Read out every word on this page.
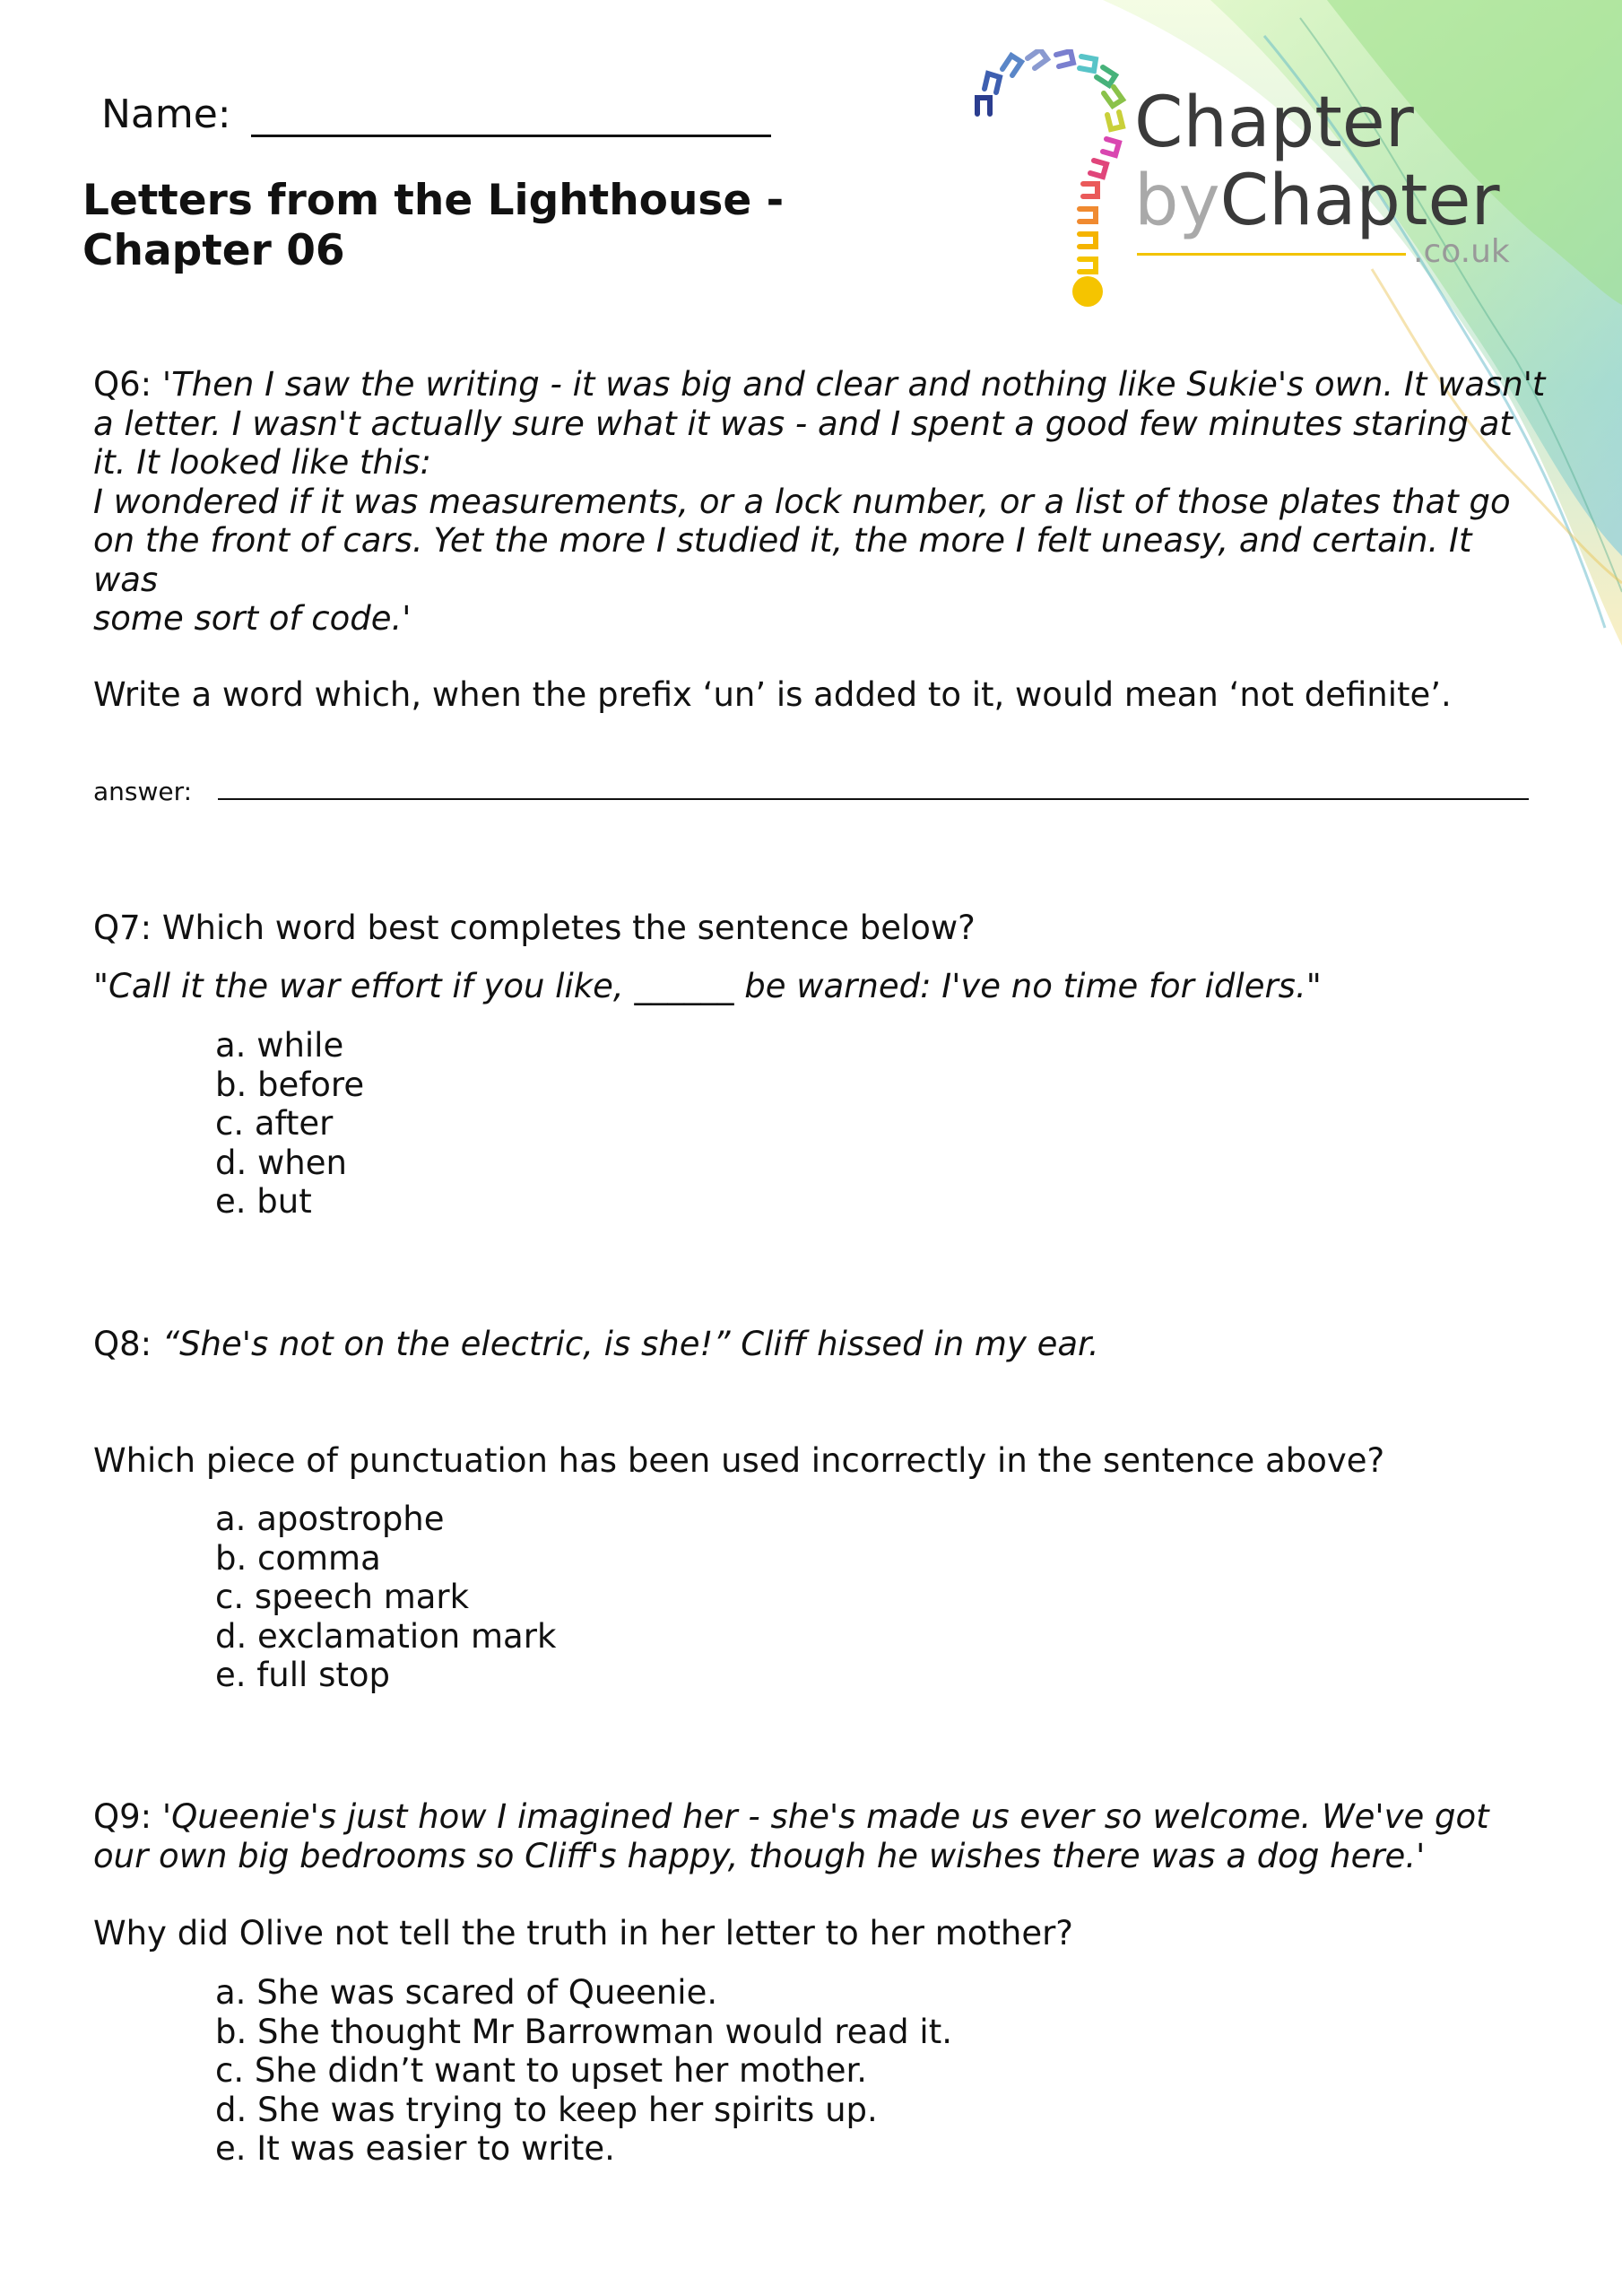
Name:
Letters from the Lighthouse -
Chapter 06
Chapter
byChapter
.co.uk
Q6: 'Then I saw the writing - it was big and clear and nothing like Sukie's own. It wasn't
a letter. I wasn't actually sure what it was - and I spent a good few minutes staring at
it. It looked like this:
I wondered if it was measurements, or a lock number, or a list of those plates that go
on the front of cars. Yet the more I studied it, the more I felt uneasy, and certain. It was
some sort of code.'
Write a word which, when the prefix ‘un’ is added to it, would mean ‘not definite’.
answer:
Q7: Which word best completes the sentence below?
"Call it the war effort if you like, ______ be warned: I've no time for idlers."
a. while
b. before
c. after
d. when
e. but
Q8: “She's not on the electric, is she!” Cliff hissed in my ear.
Which piece of punctuation has been used incorrectly in the sentence above?
a. apostrophe
b. comma
c. speech mark
d. exclamation mark
e. full stop
Q9: 'Queenie's just how I imagined her - she's made us ever so welcome. We've got
our own big bedrooms so Cliff's happy, though he wishes there was a dog here.'
Why did Olive not tell the truth in her letter to her mother?
a. She was scared of Queenie.
b. She thought Mr Barrowman would read it.
c. She didn’t want to upset her mother.
d. She was trying to keep her spirits up.
e. It was easier to write.
